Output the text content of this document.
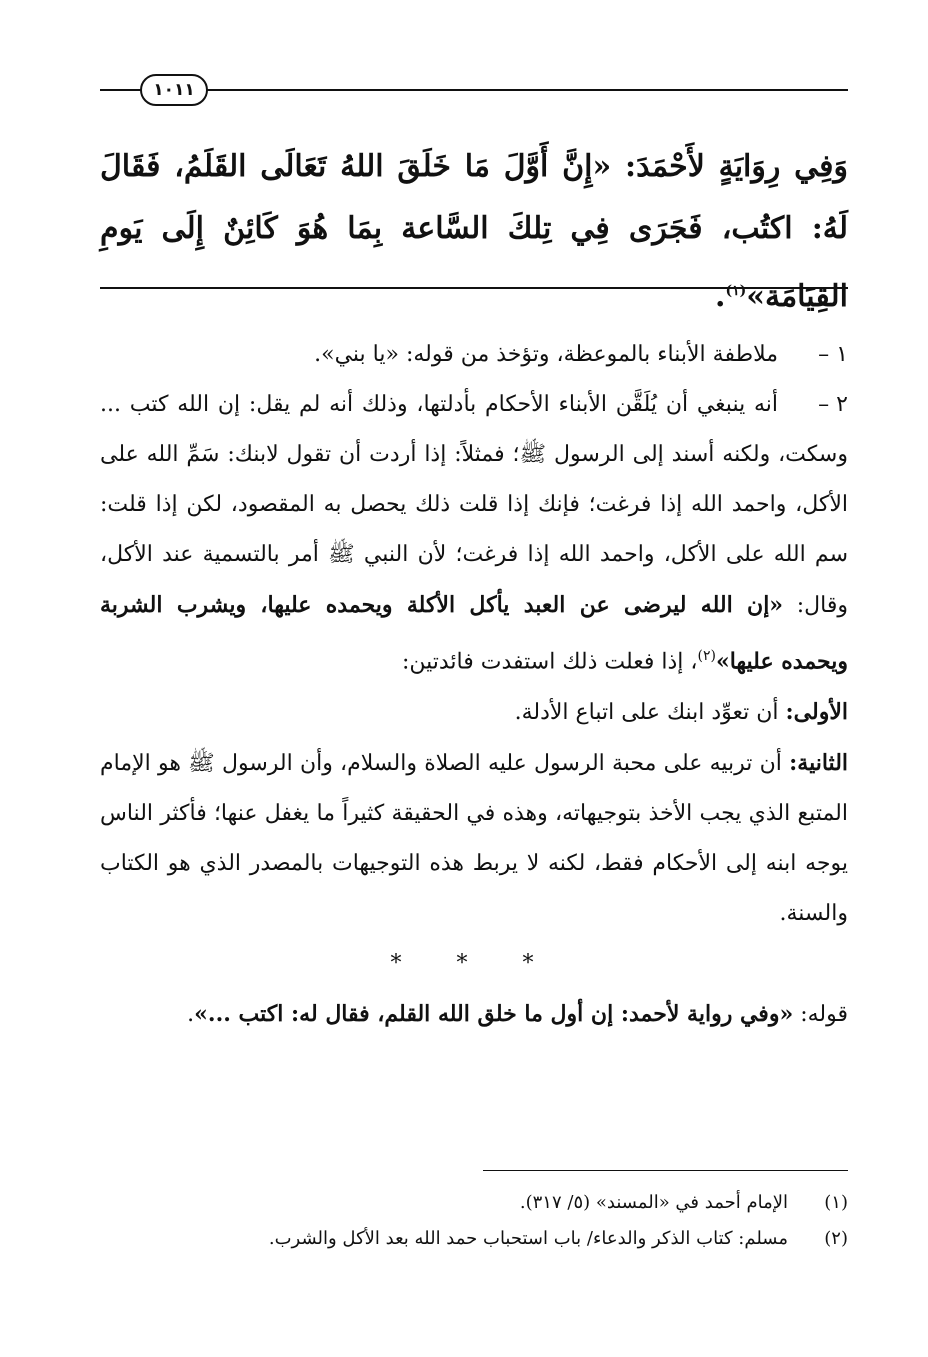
١٠١١
وَفِي رِوَايَةٍ لأَحْمَدَ: «إِنَّ أَوَّلَ مَا خَلَقَ اللهُ تَعَالَى القَلَمُ، فَقَالَ لَهُ: اكتُب، فَجَرَى فِي تِلكَ السَّاعة بِمَا هُوَ كَائِنٌ إِلَى يَومِ القِيَامَة»$^{(١)}$.

١ –ملاطفة الأبناء بالموعظة، وتؤخذ من قوله: «يا بني».

٢ –أنه ينبغي أن يُلَقَّن الأبناء الأحكام بأدلتها، وذلك أنه لم يقل: إن الله كتب ... وسكت، ولكنه أسند إلى الرسول ﷺ؛ فمثلاً: إذا أردت أن تقول لابنك: سَمِّ الله على الأكل، واحمد الله إذا فرغت؛ فإنك إذا قلت ذلك يحصل به المقصود، لكن إذا قلت: سم الله على الأكل، واحمد الله إذا فرغت؛ لأن النبي ﷺ أمر بالتسمية عند الأكل، وقال: «إن الله ليرضى عن العبد يأكل الأكلة ويحمده عليها، ويشرب الشربة ويحمده عليها»$^{(٢)}$، إذا فعلت ذلك استفدت فائدتين:

الأولى: أن تعوِّد ابنك على اتباع الأدلة.

الثانية: أن تربيه على محبة الرسول عليه الصلاة والسلام، وأن الرسول ﷺ هو الإمام المتبع الذي يجب الأخذ بتوجيهاته، وهذه في الحقيقة كثيراً ما يغفل عنها؛ فأكثر الناس يوجه ابنه إلى الأحكام فقط، لكنه لا يربط هذه التوجيهات بالمصدر الذي هو الكتاب والسنة.

* * *

قوله: «وفي رواية لأحمد: إن أول ما خلق الله القلم، فقال له: اكتب ...».

(١)الإمام أحمد في «المسند» (٥/ ٣١٧).

(٢)مسلم: كتاب الذكر والدعاء/ باب استحباب حمد الله بعد الأكل والشرب.
